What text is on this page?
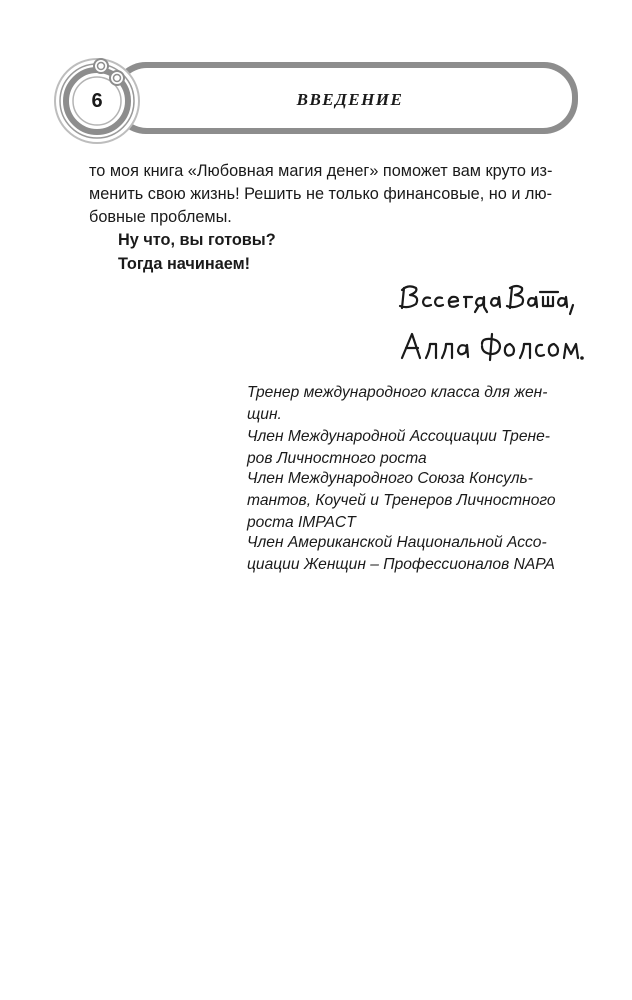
6	ВВЕДЕНИЕ

то моя книга «Любовная магия денег» поможет вам круто из-
менить свою жизнь! Решить не только финансовые, но и лю-
бовные проблемы.

Ну что, вы готовы?

Тогда начинаем!

Тренер международного класса для жен-
щин.

Член Международной Ассоциации Трене-
ров Личностного роста

Член Международного Союза Консуль-
тантов, Коучей и Тренеров Личностного
роста IMPACT

Член Американской Национальной Ассо-
циации Женщин – Профессионалов NAPA
